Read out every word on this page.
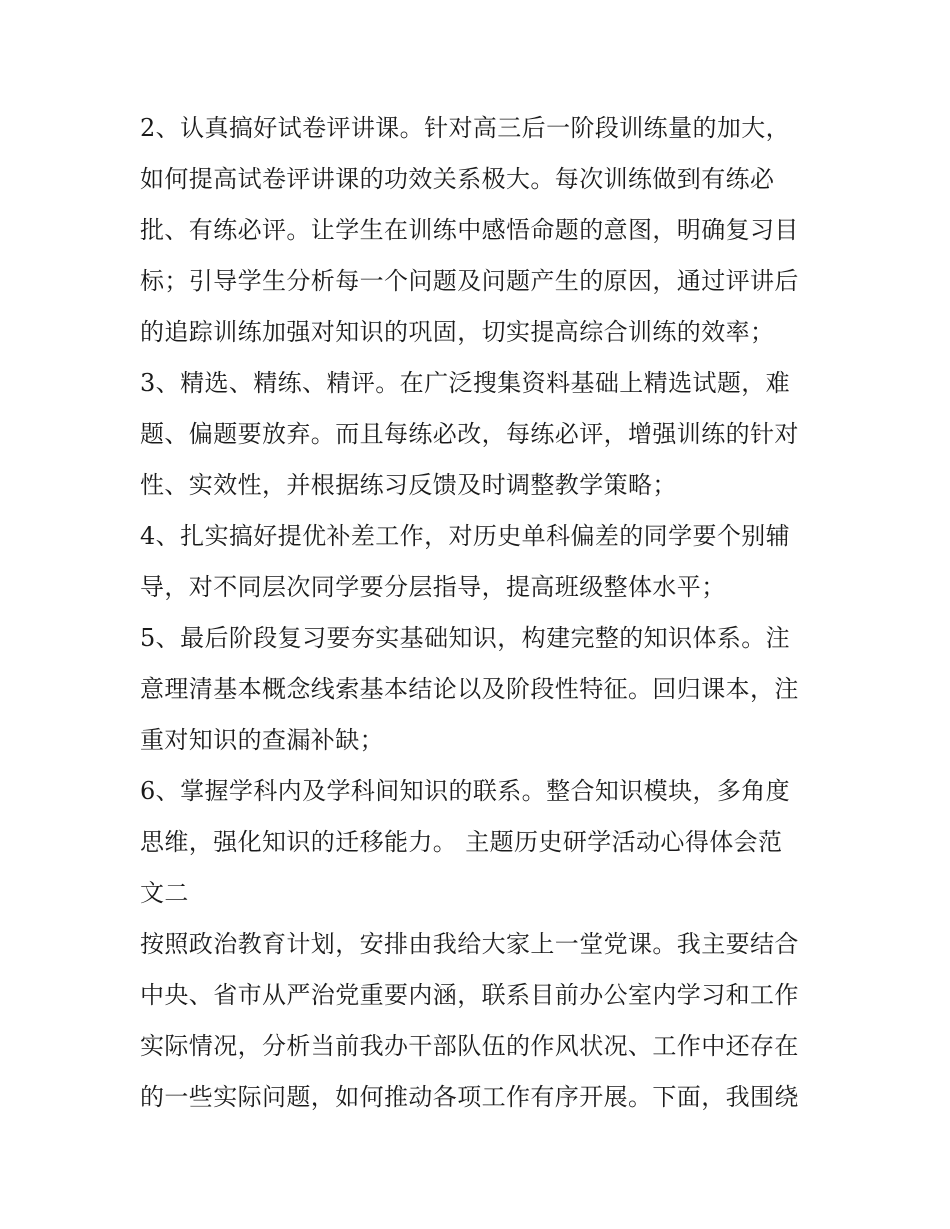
2、认真搞好试卷评讲课。针对高三后一阶段训练量的加大，
如何提高试卷评讲课的功效关系极大。每次训练做到有练必
批、有练必评。让学生在训练中感悟命题的意图，明确复习目
标；引导学生分析每一个问题及问题产生的原因，通过评讲后
的追踪训练加强对知识的巩固，切实提高综合训练的效率；
3、精选、精练、精评。在广泛搜集资料基础上精选试题，难
题、偏题要放弃。而且每练必改，每练必评，增强训练的针对
性、实效性，并根据练习反馈及时调整教学策略；
4、扎实搞好提优补差工作，对历史单科偏差的同学要个别辅
导，对不同层次同学要分层指导，提高班级整体水平；
5、最后阶段复习要夯实基础知识，构建完整的知识体系。注
意理清基本概念线索基本结论以及阶段性特征。回归课本，注
重对知识的查漏补缺；
6、掌握学科内及学科间知识的联系。整合知识模块，多角度
思维，强化知识的迁移能力。 主题历史研学活动心得体会范
文二
按照政治教育计划，安排由我给大家上一堂党课。我主要结合
中央、省市从严治党重要内涵，联系目前办公室内学习和工作
实际情况，分析当前我办干部队伍的作风状况、工作中还存在
的一些实际问题，如何推动各项工作有序开展。下面，我围绕
